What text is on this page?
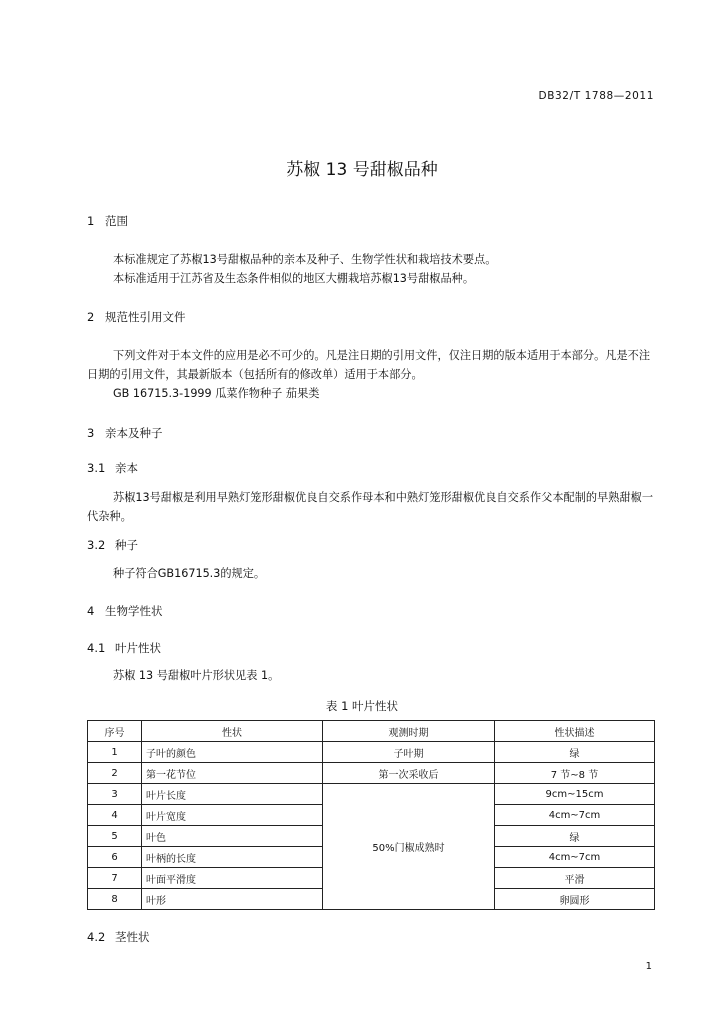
DB32/T 1788—2011
苏椒 13 号甜椒品种
1 范围
本标准规定了苏椒13号甜椒品种的亲本及种子、生物学性状和栽培技术要点。
本标准适用于江苏省及生态条件相似的地区大棚栽培苏椒13号甜椒品种。
2 规范性引用文件
下列文件对于本文件的应用是必不可少的。凡是注日期的引用文件，仅注日期的版本适用于本部分。凡是不注日期的引用文件，其最新版本（包括所有的修改单）适用于本部分。
GB 16715.3-1999 瓜菜作物种子 茄果类
3 亲本及种子
3.1 亲本
苏椒13号甜椒是利用早熟灯笼形甜椒优良自交系作母本和中熟灯笼形甜椒优良自交系作父本配制的早熟甜椒一代杂种。
3.2 种子
种子符合GB16715.3的规定。
4 生物学性状
4.1 叶片性状
苏椒 13 号甜椒叶片形状见表 1。
表 1 叶片性状
序号	性状	观测时期	性状描述
1	子叶的颜色	子叶期	绿
2	第一花节位	第一次采收后	7 节~8 节
3	叶片长度	50%门椒成熟时	9cm~15cm
4	叶片宽度		4cm~7cm
5	叶色		绿
6	叶柄的长度		4cm~7cm
7	叶面平滑度		平滑
8	叶形		卵圆形
4.2 茎性状
1
